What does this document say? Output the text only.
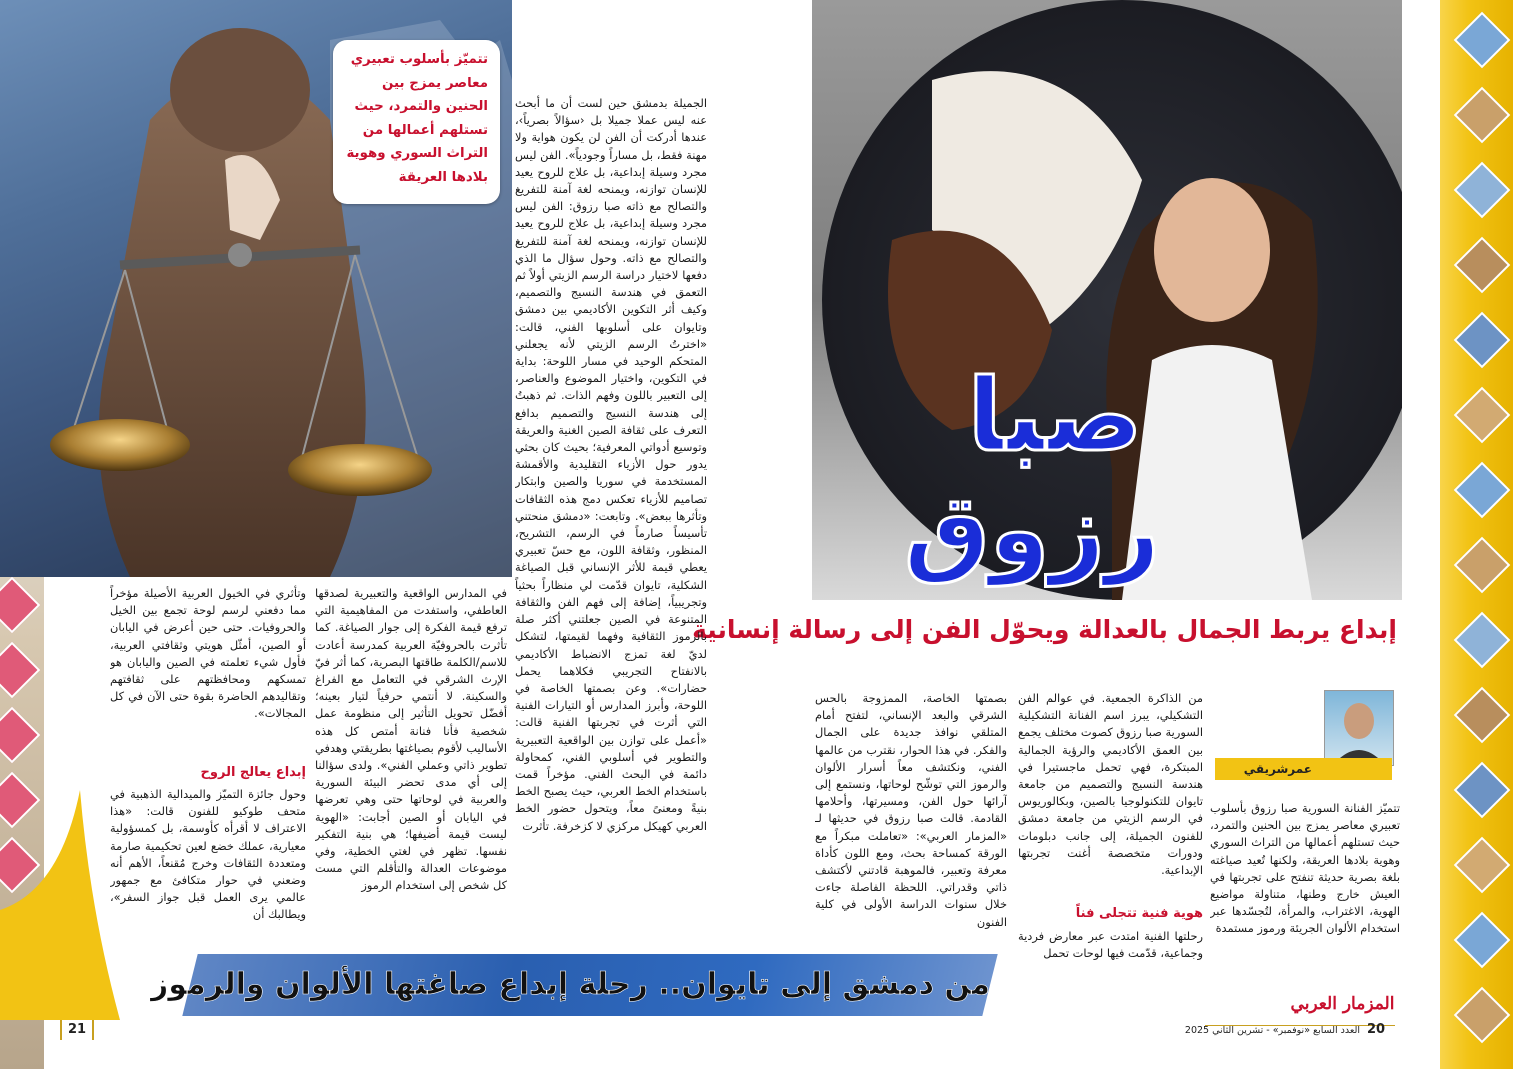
تتميّز بأسلوب تعبيري معاصر يمزج بين الحنين والتمرد، حيث تستلهم أعمالها من التراث السوري وهوية بلادها العريقة
صبا
رزوق
إبداع يربط الجمال بالعدالة ويحوّل الفن إلى رسالة إنسانية
عمرشريقي
تتميّز الفنانة السورية صبا رزوق بأسلوب تعبيري معاصر يمزج بين الحنين والتمرد، حيث تستلهم أعمالها من التراث السوري وهوية بلادها العريقة، ولكنها تُعيد صياغته بلغة بصرية حديثة تنفتح على تجربتها في العيش خارج وطنها، متناولة مواضيع الهوية، الاغتراب، والمرأة، لتُجسّدها عبر استخدام الألوان الجريئة ورموز مستمدة
من الذاكرة الجمعية. في عوالم الفن التشكيلي، يبرز اسم الفنانة التشكيلية السورية صبا رزوق كصوت مختلف يجمع بين العمق الأكاديمي والرؤية الجمالية المبتكرة، فهي تحمل ماجستيرا في هندسة النسيج والتصميم من جامعة تايوان للتكنولوجيا بالصين، وبكالوريوس في الرسم الزيتي من جامعة دمشق للفنون الجميلة، إلى جانب دبلومات ودورات متخصصة أغنت تجربتها الإبداعية.
هوية فنية تتجلى فناً
رحلتها الفنية امتدت عبر معارض فردية وجماعية، قدّمت فيها لوحات تحمل
بصمتها الخاصة، الممزوجة بالحس الشرقي والبعد الإنساني، لتفتح أمام المتلقي نوافذ جديدة على الجمال والفكر. في هذا الحوار، نقترب من عالمها الفني، ونكتشف معاً أسرار الألوان والرموز التي توشّح لوحاتها، ونستمع إلى آرائها حول الفن، ومسيرتها، وأحلامها القادمة. قالت صبا رزوق في حديثها لـ «المزمار العربي»: «تعاملت مبكراً مع الورقة كمساحة بحث، ومع اللون كأداة معرفة وتعبير، فالموهبة قادتني لأكتشف ذاتي وقدراتي. اللحظة الفاصلة جاءت خلال سنوات الدراسة الأولى في كلية الفنون
الجميلة بدمشق حين لست أن ما أبحث عنه ليس عملا جميلا بل ‹سؤالاً بصرياً›، عندها أدركت أن الفن لن يكون هواية ولا مهنة فقط، بل مساراً وجودياً». الفن ليس مجرد وسيلة إبداعية، بل علاج للروح يعيد للإنسان توازنه، ويمنحه لغة آمنة للتفريغ والتصالح مع ذاته صبا رزوق: الفن ليس مجرد وسيلة إبداعية، بل علاج للروح يعيد للإنسان توازنه، ويمنحه لغة آمنة للتفريغ والتصالح مع ذاته. وحول سؤال ما الذي دفعها لاختيار دراسة الرسم الزيتي أولاً ثم التعمق في هندسة النسيج والتصميم، وكيف أثر التكوين الأكاديمي بين دمشق وتايوان على أسلوبها الفني، قالت: «اخترتُ الرسم الزيتي لأنه يجعلني المتحكم الوحيد في مسار اللوحة: بداية في التكوين، واختيار الموضوع والعناصر، إلى التعبير باللون وفهم الذات. ثم ذهبتُ إلى هندسة النسيج والتصميم بدافع التعرف على ثقافة الصين الغنية والعريقة وتوسيع أدواتي المعرفية؛ بحيث كان بحثي يدور حول الأزياء التقليدية والأقمشة المستخدمة في سوريا والصين وابتكار تصاميم للأزياء تعكس دمج هذه الثقافات وتأثرها ببعض». وتابعت: «دمشق منحتني تأسيساً صارماً في الرسم، التشريح، المنظور، وثقافة اللون، مع حسّ تعبيري يعطي قيمة للأثر الإنساني قبل الصياغة الشكلية، تايوان قدّمت لي منظاراً بحثياً وتجريبياً، إضافة إلى فهم الفن والثقافة المتنوعة في الصين جعلتني أكثر صلة بالرموز الثقافية وفهما لقيمتها، لتشكل لديّ لغة تمزج الانضباط الأكاديمي بالانفتاح التجريبي فكلاهما يحمل حضارات». وعن بصمتها الخاصة في اللوحة، وأبرز المدارس أو التيارات الفنية التي أثرت في تجربتها الفنية قالت: «أعمل على توازن بين الواقعية التعبيرية والتطوير في أسلوبي الفني، كمحاولة دائمة في البحث الفني. مؤخراً قمت باستخدام الخط العربي، حيث يصبح الخط بنيةً ومعنىً معاً، ويتحول حضور الخط العربي كهيكل مركزي لا كزخرفة. تأثرت
في المدارس الواقعية والتعبيرية لصدقها العاطفي، واستفدت من المفاهيمية التي ترفع قيمة الفكرة إلى جوار الصياغة. كما تأثرت بالحروفيّة العربية كمدرسة أعادت للاسم/الكلمة طاقتها البصرية، كما أثر فيّ الإرث الشرقي في التعامل مع الفراغ والسكينة. لا أنتمي حرفياً لتيار بعينه؛ أفضّل تحويل التأثير إلى منظومة عمل شخصية فأنا فنانة أمتص كل هذه الأساليب لأقوم بصياغتها بطريقتي وهدفي تطوير ذاتي وعملي الفني». ولدى سؤالنا إلى أي مدى تحضر البيئة السورية والعربية في لوحاتها حتى وهي تعرضها في اليابان أو الصين أجابت: «الهوية ليست قيمة أضيفها؛ هي بنية التفكير نفسها. تظهر في لغتي الخطية، وفي موضوعات العدالة والتأقلم التي مست كل شخص إلى استخدام الرموز
وتأثري في الخيول العربية الأصيلة مؤخراً مما دفعني لرسم لوحة تجمع بين الخيل والحروفيات. حتى حين أعرض في اليابان أو الصين، أمثّل هويتي وثقافتي العربية، فأول شيء تعلمته في الصين واليابان هو تمسكهم ومحافظتهم على ثقافتهم وتقاليدهم الحاضرة بقوة حتى الآن في كل المجالات».
إبداع يعالج الروح
وحول جائزة التميّز والميدالية الذهبية في متحف طوكيو للفنون قالت: «هذا الاعتراف لا أقرأه كأوسمة، بل كمسؤولية معيارية، عملك خضع لعين تحكيمية صارمة ومتعددة الثقافات وخرج مُقنعاً، الأهم أنه وضعني في حوار متكافئ مع جمهور عالمي يرى العمل قبل جواز السفر»، ويطالبك أن
من دمشق إلى تايوان.. رحلة إبداع صاغتها الألوان والرموز
المزمار العربي
20
العدد السابع «نوفمبر» - تشرين الثاني 2025
21
